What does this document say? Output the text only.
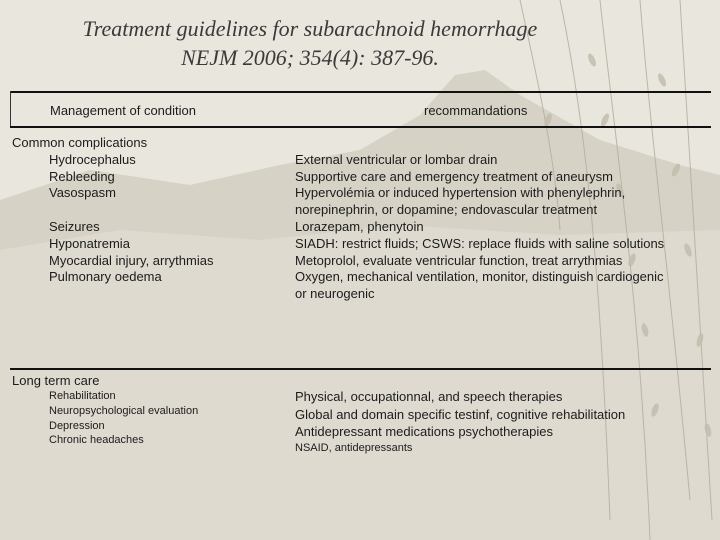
Treatment guidelines for subarachnoid hemorrhage
NEJM 2006; 354(4): 387-96.
Management of condition	recommandations
Common complications
Hydrocephalus
Rebleeding
Vasospasm
Seizures
Hyponatremia
Myocardial injury, arrythmias
Pulmonary oedema
External ventricular or lombar drain
Supportive care and emergency treatment of aneurysm
Hypervolémia or induced hypertension with phenylephrin,
norepinephrin, or dopamine; endovascular treatment
Lorazepam, phenytoin
SIADH: restrict fluids; CSWS: replace fluids with saline solutions
Metoprolol, evaluate ventricular function, treat arrythmias
Oxygen, mechanical ventilation, monitor, distinguish cardiogenic
or neurogenic
Long term care
Rehabilitation
Neuropsychological evaluation
Depression
Chronic headaches
Physical, occupationnal, and speech therapies
Global and domain specific testinf, cognitive rehabilitation
Antidepressant medications psychotherapies
NSAID, antidepressants
